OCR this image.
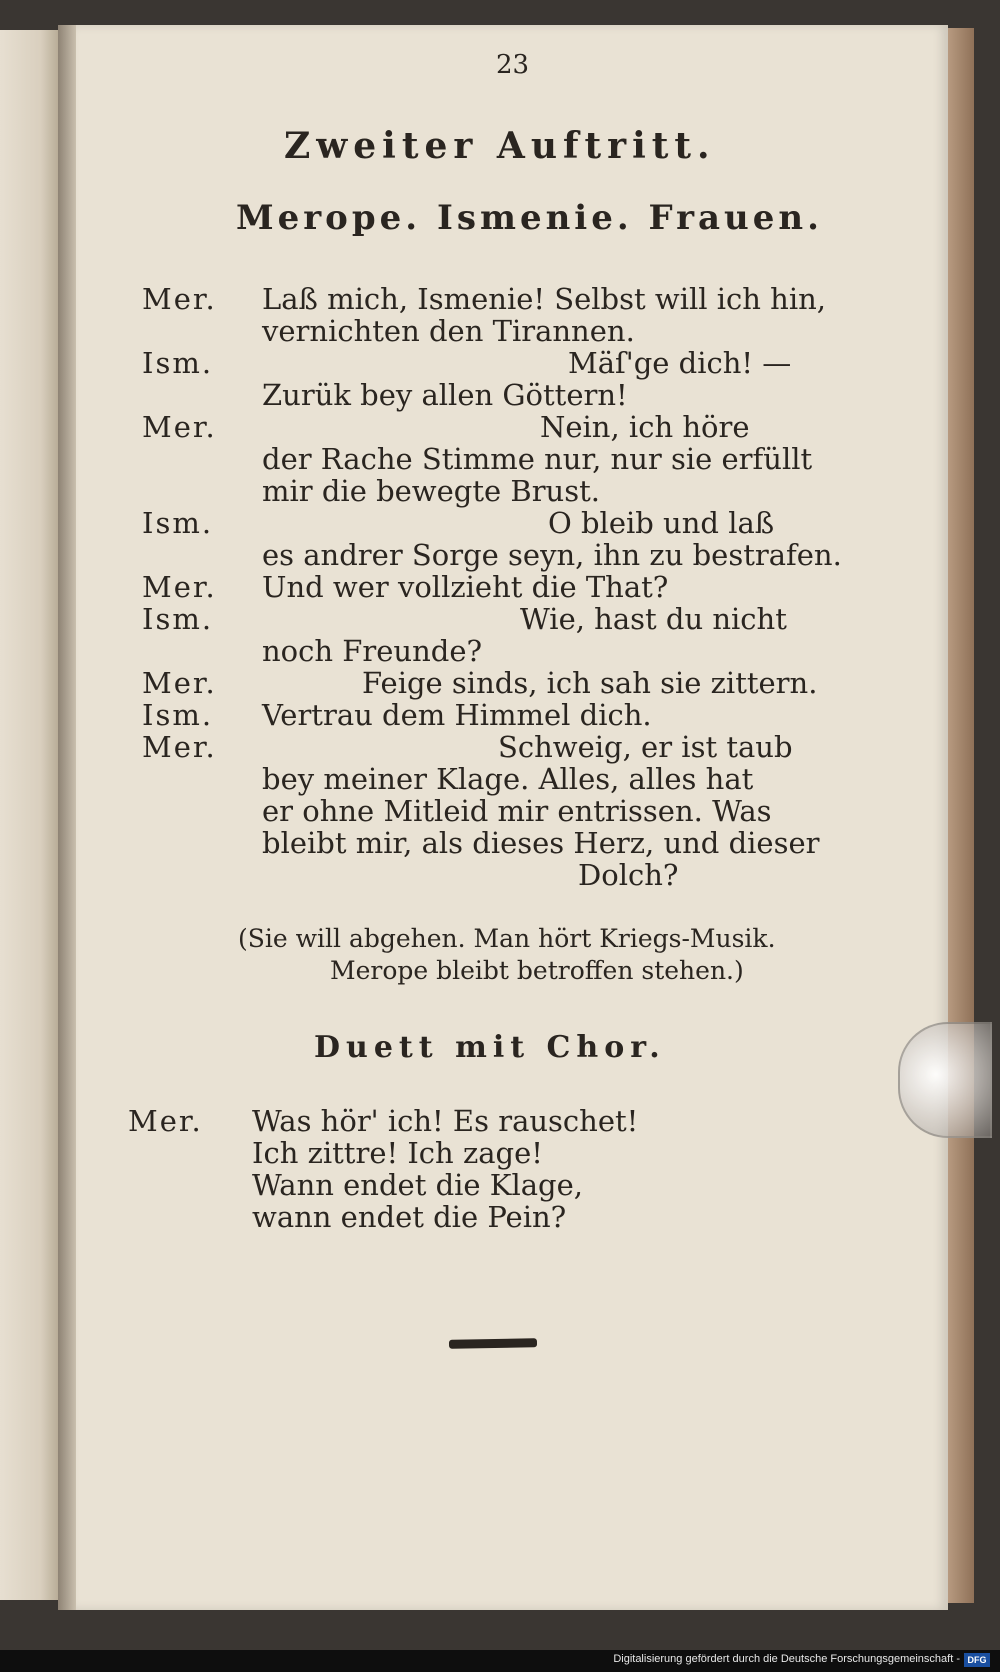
23
Zweiter Auftritt.
Merope. Ismenie. Frauen.
Mer. Laß mich, Ismenie! Selbst will ich hin,
vernichten den Tirannen.
Ism.	Mäſ'ge dich! —
Zurük bey allen Göttern!
Mer.	Nein, ich höre
der Rache Stimme nur, nur sie erfüllt
mir die bewegte Brust.
Ism.	O bleib und laß
es andrer Sorge seyn, ihn zu bestrafen.
Mer. Und wer vollzieht die That?
Ism.	Wie, hast du nicht
noch Freunde?
Mer.	Feige sinds, ich sah sie zittern.
Ism. Vertrau dem Himmel dich.
Mer.	Schweig, er ist taub
bey meiner Klage. Alles, alles hat
er ohne Mitleid mir entrissen. Was
bleibt mir, als dieses Herz, und dieser
Dolch?
(Sie will abgehen. Man hört Kriegs-Musik.
Merope bleibt betroffen stehen.)
Duett mit Chor.
Mer. Was hör' ich! Es rauschet!
Ich zittre! Ich zage!
Wann endet die Klage,
wann endet die Pein?
Digitalisierung gefördert durch die Deutsche Forschungsgemeinschaft - DFG
